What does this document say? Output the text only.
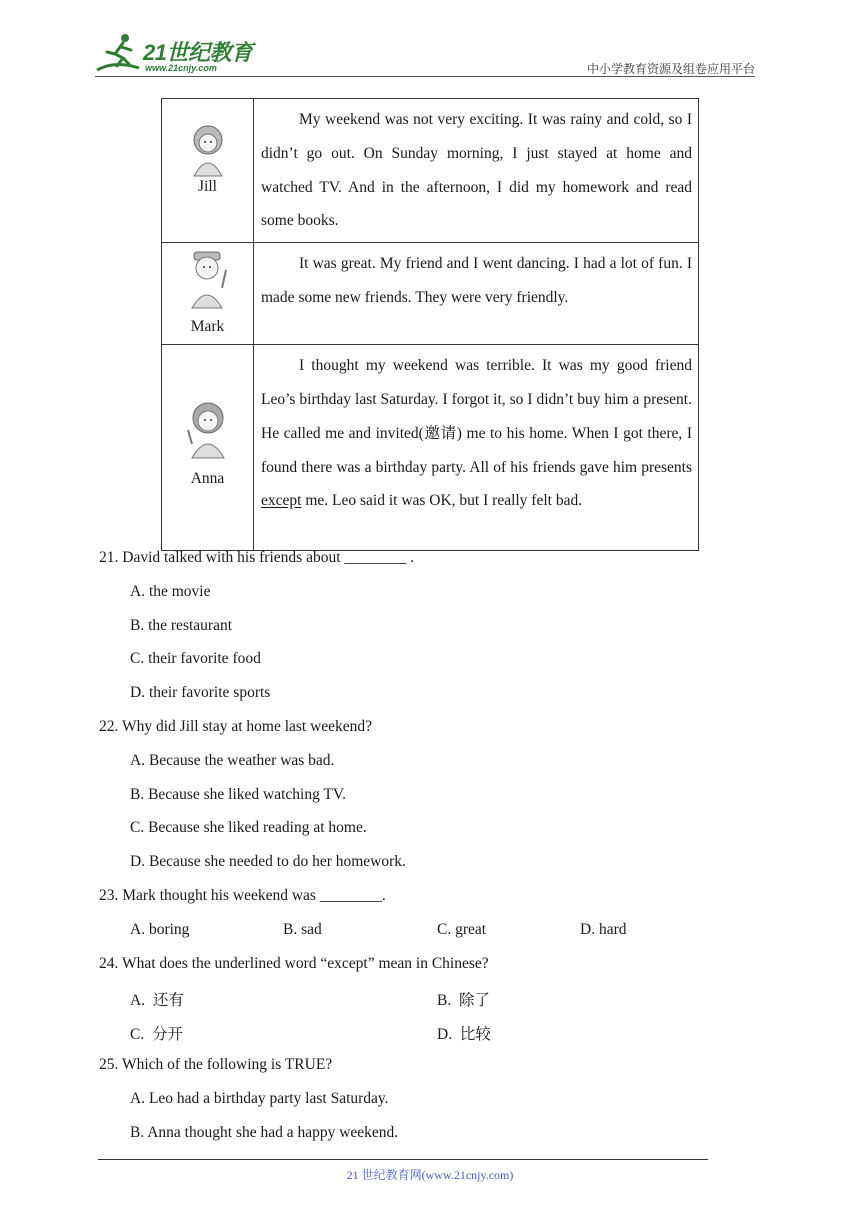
21世纪教育
www.21cnjy.com	中小学教育资源及组卷应用平台
Jill	My weekend was not very exciting. It was rainy and cold, so I didn’t go out. On Sunday morning, I just stayed at home and watched TV. And in the afternoon, I did my homework and read some books.

Mark	It was great. My friend and I went dancing. I had a lot of fun. I made some new friends. They were very friendly.

Anna	I thought my weekend was terrible. It was my good friend Leo’s birthday last Saturday. I forgot it, so I didn’t buy him a present. He called me and invited(邀请) me to his home. When I got there, I found there was a birthday party. All of his friends gave him presents except me. Leo said it was OK, but I really felt bad.
21. David talked with his friends about ________ .
A. the movie
B. the restaurant
C. their favorite food
D. their favorite sports
22. Why did Jill stay at home last weekend?
A. Because the weather was bad.
B. Because she liked watching TV.
C. Because she liked reading at home.
D. Because she needed to do her homework.
23. Mark thought his weekend was ________.
A. boring	B. sad	C. great	D. hard
24. What does the underlined word “except” mean in Chinese?
A.  还有	B.  除了
C.  分开	D.  比较
25. Which of the following is TRUE?
A. Leo had a birthday party last Saturday.
B. Anna thought she had a happy weekend.
21 世纪教育网(www.21cnjy.com)
